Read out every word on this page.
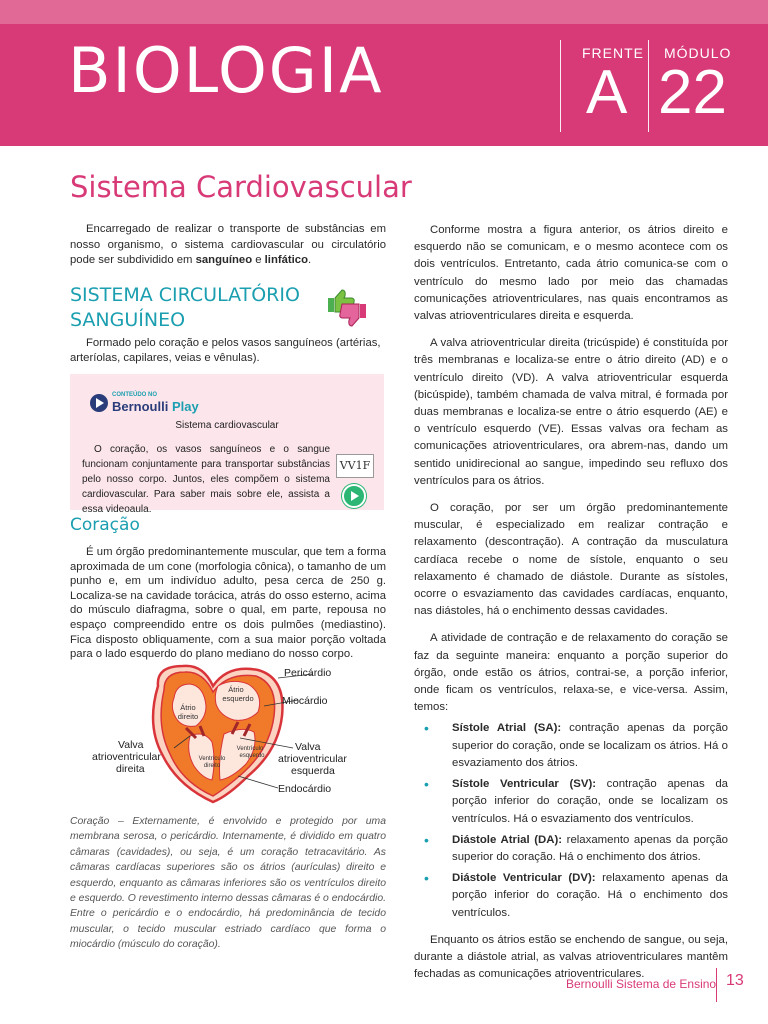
BIOLOGIA	FRENTE
A
MÓDULO
22
Sistema Cardiovascular

Encarregado de realizar o transporte de substâncias em nosso organismo, o sistema cardiovascular ou circulatório pode ser subdividido em sanguíneo e linfático.

SISTEMA CIRCULATÓRIO SANGUÍNEO
Formado pelo coração e pelos vasos sanguíneos (artérias, arteríolas, capilares, veias e vênulas).
CONTEÚDO NO
Bernoulli Play
Sistema cardiovascular
O coração, os vasos sanguíneos e o sangue funcionam conjuntamente para transportar substâncias pelo nosso corpo. Juntos, eles compõem o sistema cardiovascular. Para saber mais sobre ele, assista a essa videoaula.
VV1F
Coração
É um órgão predominantemente muscular, que tem a forma aproximada de um cone (morfologia cônica), o tamanho de um punho e, em um indivíduo adulto, pesa cerca de 250 g. Localiza-se na cavidade torácica, atrás do osso esterno, acima do músculo diafragma, sobre o qual, em parte, repousa no espaço compreendido entre os dois pulmões (mediastino). Fica disposto obliquamente, com a sua maior porção voltada para o lado esquerdo do plano mediano do nosso corpo.
Átrio
esquerdo
Átrio
direito
Ventrículo
esquerdo
Ventrículo
direito
Pericárdio
Miocárdio
Valva
atrioventricular
esquerda
Endocárdio
Valva
atrioventricular
direita
Coração – Externamente, é envolvido e protegido por uma membrana serosa, o pericárdio. Internamente, é dividido em quatro câmaras (cavidades), ou seja, é um coração tetracavitário. As câmaras cardíacas superiores são os átrios (aurículas) direito e esquerdo, enquanto as câmaras inferiores são os ventrículos direito e esquerdo. O revestimento interno dessas câmaras é o endocárdio. Entre o pericárdio e o endocárdio, há predominância de tecido muscular, o tecido muscular estriado cardíaco que forma o miocárdio (músculo do coração).

Conforme mostra a figura anterior, os átrios direito e esquerdo não se comunicam, e o mesmo acontece com os dois ventrículos. Entretanto, cada átrio comunica-se com o ventrículo do mesmo lado por meio das chamadas comunicações atrioventriculares, nas quais encontramos as valvas atrioventriculares direita e esquerda.

A valva atrioventricular direita (tricúspide) é constituída por três membranas e localiza-se entre o átrio direito (AD) e o ventrículo direito (VD). A valva atrioventricular esquerda (bicúspide), também chamada de valva mitral, é formada por duas membranas e localiza-se entre o átrio esquerdo (AE) e o ventrículo esquerdo (VE). Essas valvas ora fecham as comunicações atrioventriculares, ora abrem-nas, dando um sentido unidirecional ao sangue, impedindo seu refluxo dos ventrículos para os átrios.

O coração, por ser um órgão predominantemente muscular, é especializado em realizar contração e relaxamento (descontração). A contração da musculatura cardíaca recebe o nome de sístole, enquanto o seu relaxamento é chamado de diástole. Durante as sístoles, ocorre o esvaziamento das cavidades cardíacas, enquanto, nas diástoles, há o enchimento dessas cavidades.

A atividade de contração e de relaxamento do coração se faz da seguinte maneira: enquanto a porção superior do órgão, onde estão os átrios, contrai-se, a porção inferior, onde ficam os ventrículos, relaxa-se, e vice-versa. Assim, temos:

• Sístole Atrial (SA): contração apenas da porção superior do coração, onde se localizam os átrios. Há o esvaziamento dos átrios.
• Sístole Ventricular (SV): contração apenas da porção inferior do coração, onde se localizam os ventrículos. Há o esvaziamento dos ventrículos.
• Diástole Atrial (DA): relaxamento apenas da porção superior do coração. Há o enchimento dos átrios.
• Diástole Ventricular (DV): relaxamento apenas da porção inferior do coração. Há o enchimento dos ventrículos.

Enquanto os átrios estão se enchendo de sangue, ou seja, durante a diástole atrial, as valvas atrioventriculares mantêm fechadas as comunicações atrioventriculares.

Bernoulli Sistema de Ensino 13
